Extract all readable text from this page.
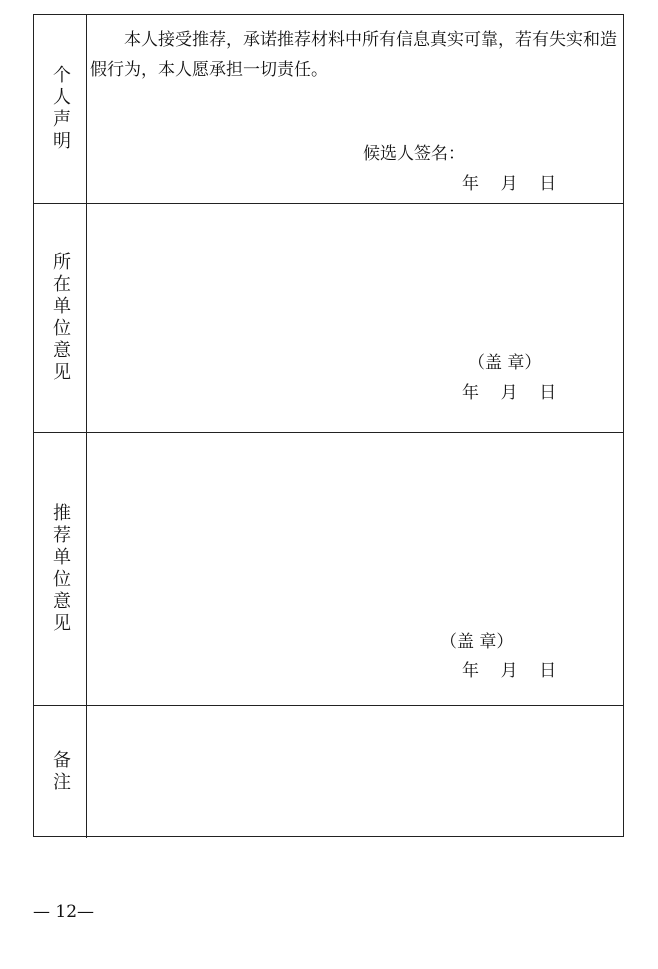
个人声明
本人接受推荐，承诺推荐材料中所有信息真实可靠，若有失实和造假行为，本人愿承担一切责任。
候选人签名：
年    月    日
所在单位意见	（盖 章）
年    月    日
推荐单位意见
（盖 章）
年    月    日
备注
— 12—
